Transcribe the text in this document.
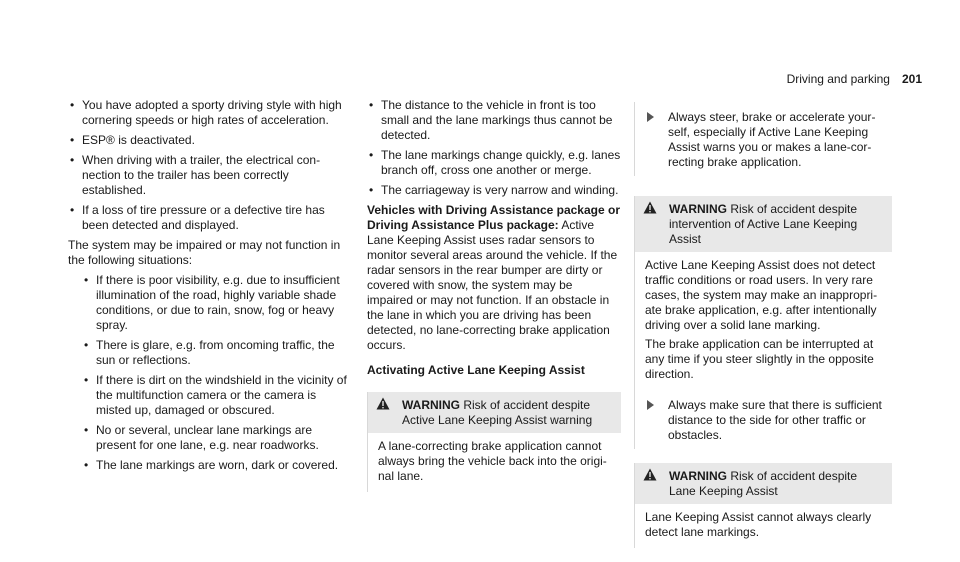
Driving and parking 201
• You have adopted a sporty driving style with high cornering speeds or high rates of acceleration.
• ESP® is deactivated.
• When driving with a trailer, the electrical connection to the trailer has been correctly established.
• If a loss of tire pressure or a defective tire has been detected and displayed.

The system may be impaired or may not function in the following situations:

• If there is poor visibility, e.g. due to insufficient illumination of the road, highly variable shade conditions, or due to rain, snow, fog or heavy spray.
• There is glare, e.g. from oncoming traffic, the sun or reflections.
• If there is dirt on the windshield in the vicinity of the multifunction camera or the camera is misted up, damaged or obscured.
• No or several, unclear lane markings are present for one lane, e.g. near roadworks.
• The lane markings are worn, dark or covered.
• The distance to the vehicle in front is too small and the lane markings thus cannot be detected.
• The lane markings change quickly, e.g. lanes branch off, cross one another or merge.
• The carriageway is very narrow and winding.

Vehicles with Driving Assistance package or Driving Assistance Plus package: Active Lane Keeping Assist uses radar sensors to monitor several areas around the vehicle. If the radar sensors in the rear bumper are dirty or covered with snow, the system may be impaired or may not function. If an obstacle in the lane in which you are driving has been detected, no lane-correcting brake application occurs.

Activating Active Lane Keeping Assist
WARNING Risk of accident despite Active Lane Keeping Assist warning

A lane-correcting brake application cannot always bring the vehicle back into the original lane.

Always steer, brake or accelerate yourself, especially if Active Lane Keeping Assist warns you or makes a lane-correcting brake application.
WARNING Risk of accident despite intervention of Active Lane Keeping Assist

Active Lane Keeping Assist does not detect traffic conditions or road users. In very rare cases, the system may make an inappropriate brake application, e.g. after intentionally driving over a solid lane marking.

The brake application can be interrupted at any time if you steer slightly in the opposite direction.

Always make sure that there is sufficient distance to the side for other traffic or obstacles.
WARNING Risk of accident despite Lane Keeping Assist

Lane Keeping Assist cannot always clearly detect lane markings.
